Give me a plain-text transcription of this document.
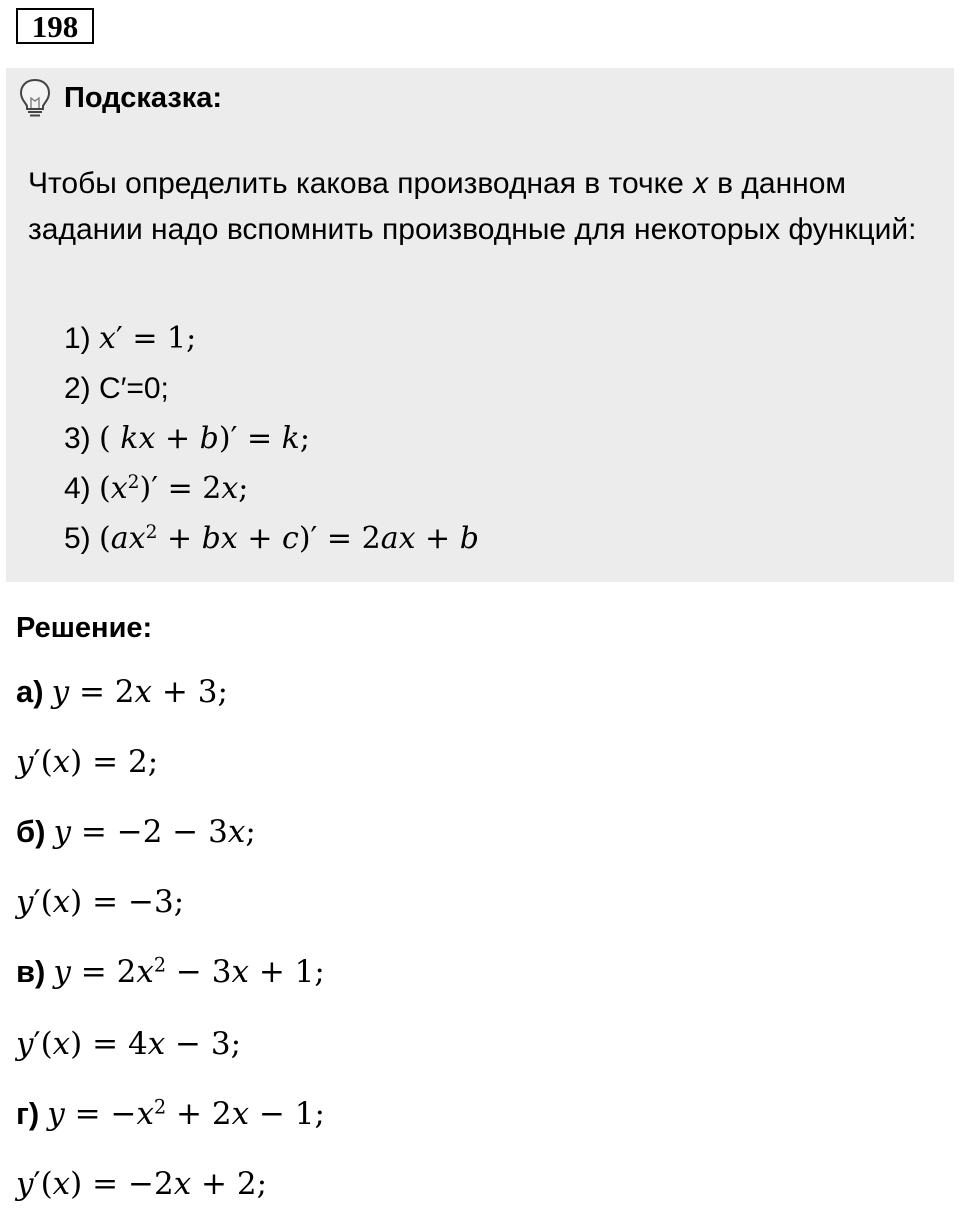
198
Подсказка:
Чтобы определить какова производная в точке 𝑥 в данном задании надо вспомнить производные для некоторых функций:
1) x′ = 1;
2) C′=0;
3) ( kx + b)′ = k;
4) $(x^2)' = 2x$;
5) ($ax^2$ + bx + c)′ = 2ax + b
Решение:
а) y = 2x + 3;
y′(x) = 2;
б) y = −2 − 3x;
y′(x) = −3;
в) $y = 2x^2 - 3x + 1$;
y′(x) = 4x − 3;
г) $y = -x^2 + 2x - 1$;
y′(x) = −2x + 2;
